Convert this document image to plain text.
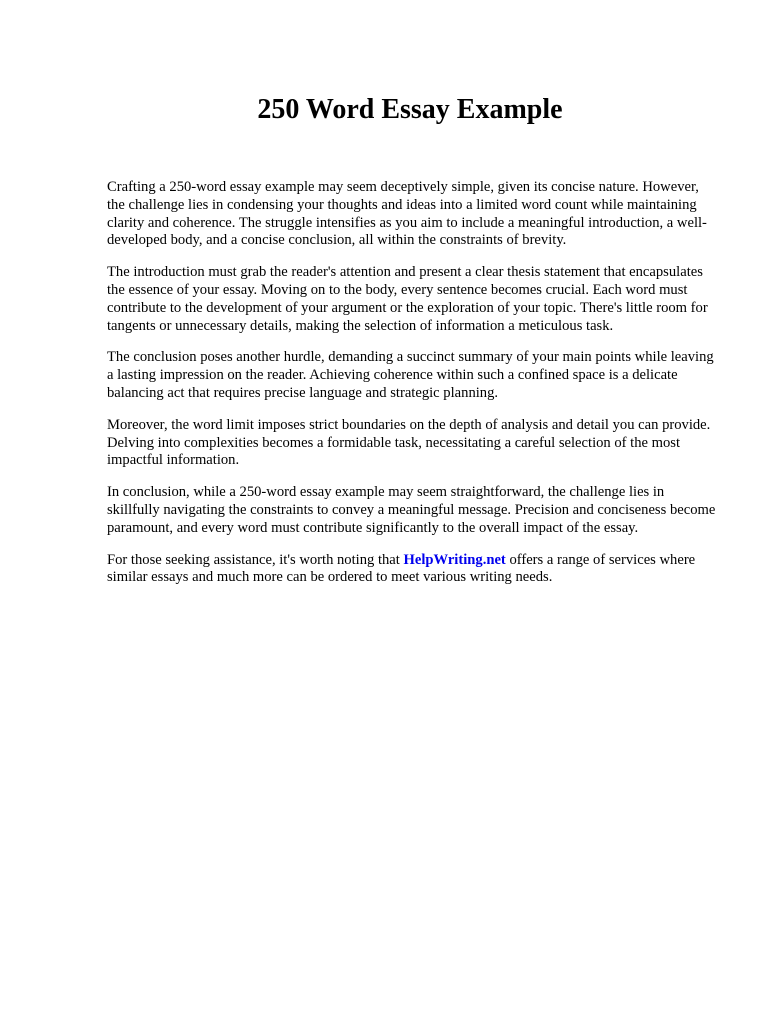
250 Word Essay Example

Crafting a 250-word essay example may seem deceptively simple, given its concise nature. However, the challenge lies in condensing your thoughts and ideas into a limited word count while maintaining clarity and coherence. The struggle intensifies as you aim to include a meaningful introduction, a well-developed body, and a concise conclusion, all within the constraints of brevity.

The introduction must grab the reader's attention and present a clear thesis statement that encapsulates the essence of your essay. Moving on to the body, every sentence becomes crucial. Each word must contribute to the development of your argument or the exploration of your topic. There's little room for tangents or unnecessary details, making the selection of information a meticulous task.

The conclusion poses another hurdle, demanding a succinct summary of your main points while leaving a lasting impression on the reader. Achieving coherence within such a confined space is a delicate balancing act that requires precise language and strategic planning.

Moreover, the word limit imposes strict boundaries on the depth of analysis and detail you can provide. Delving into complexities becomes a formidable task, necessitating a careful selection of the most impactful information.

In conclusion, while a 250-word essay example may seem straightforward, the challenge lies in skillfully navigating the constraints to convey a meaningful message. Precision and conciseness become paramount, and every word must contribute significantly to the overall impact of the essay.

For those seeking assistance, it's worth noting that HelpWriting.net offers a range of services where similar essays and much more can be ordered to meet various writing needs.
